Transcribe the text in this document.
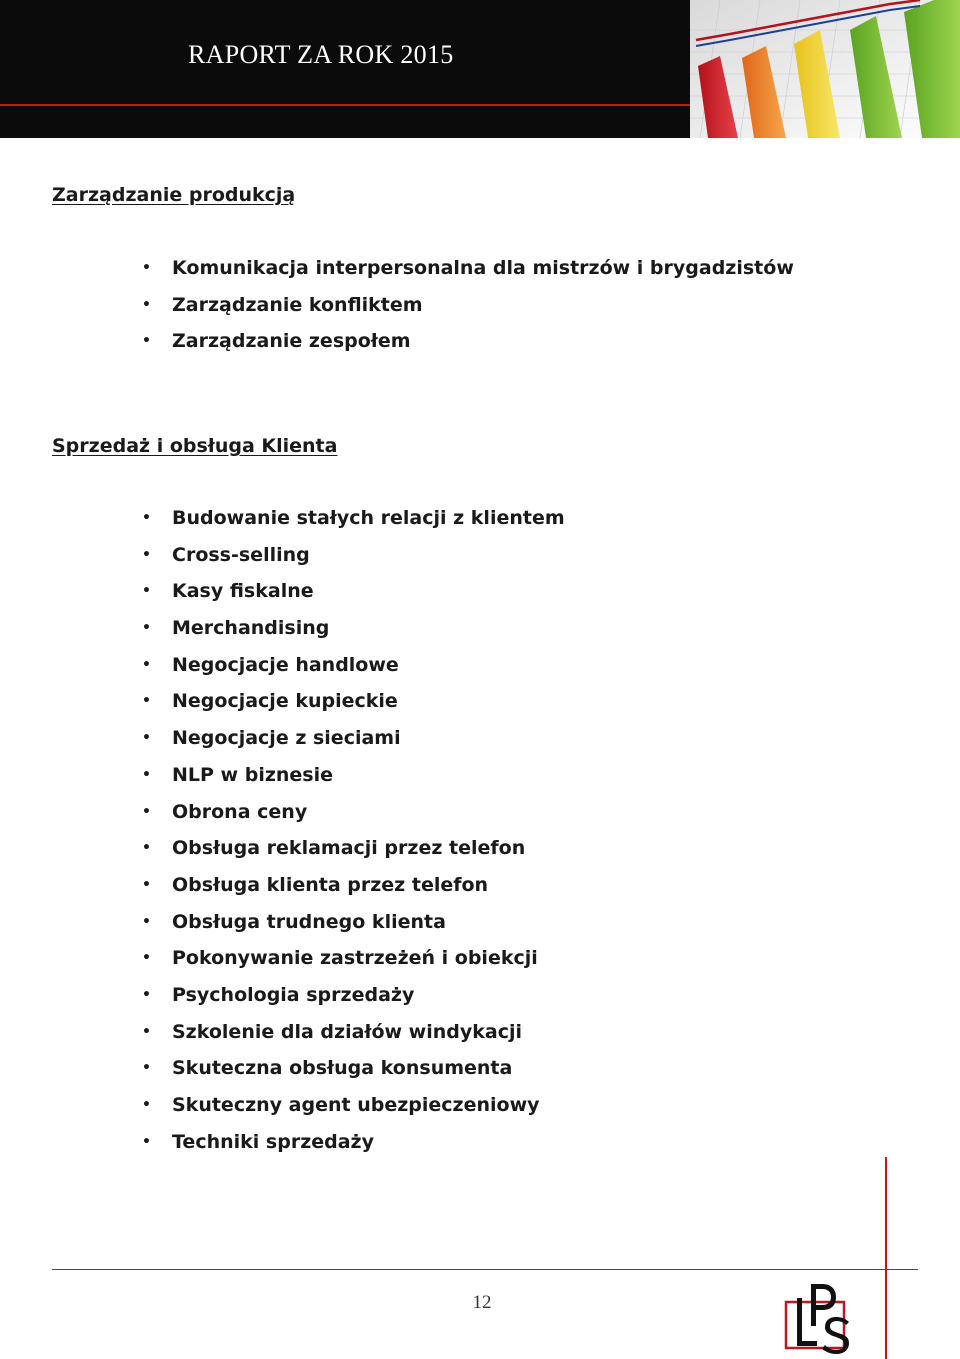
RAPORT ZA ROK 2015
Zarządzanie produkcją
• Komunikacja interpersonalna dla mistrzów i brygadzistów
• Zarządzanie konfliktem
• Zarządzanie zespołem
Sprzedaż i obsługa Klienta
• Budowanie stałych relacji z klientem
• Cross-selling
• Kasy fiskalne
• Merchandising
• Negocjacje handlowe
• Negocjacje kupieckie
• Negocjacje z sieciami
• NLP w biznesie
• Obrona ceny
• Obsługa reklamacji przez telefon
• Obsługa klienta przez telefon
• Obsługa trudnego klienta
• Pokonywanie zastrzeżeń i obiekcji
• Psychologia sprzedaży
• Szkolenie dla działów windykacji
• Skuteczna obsługa konsumenta
• Skuteczny agent ubezpieczeniowy
• Techniki sprzedaży
12
